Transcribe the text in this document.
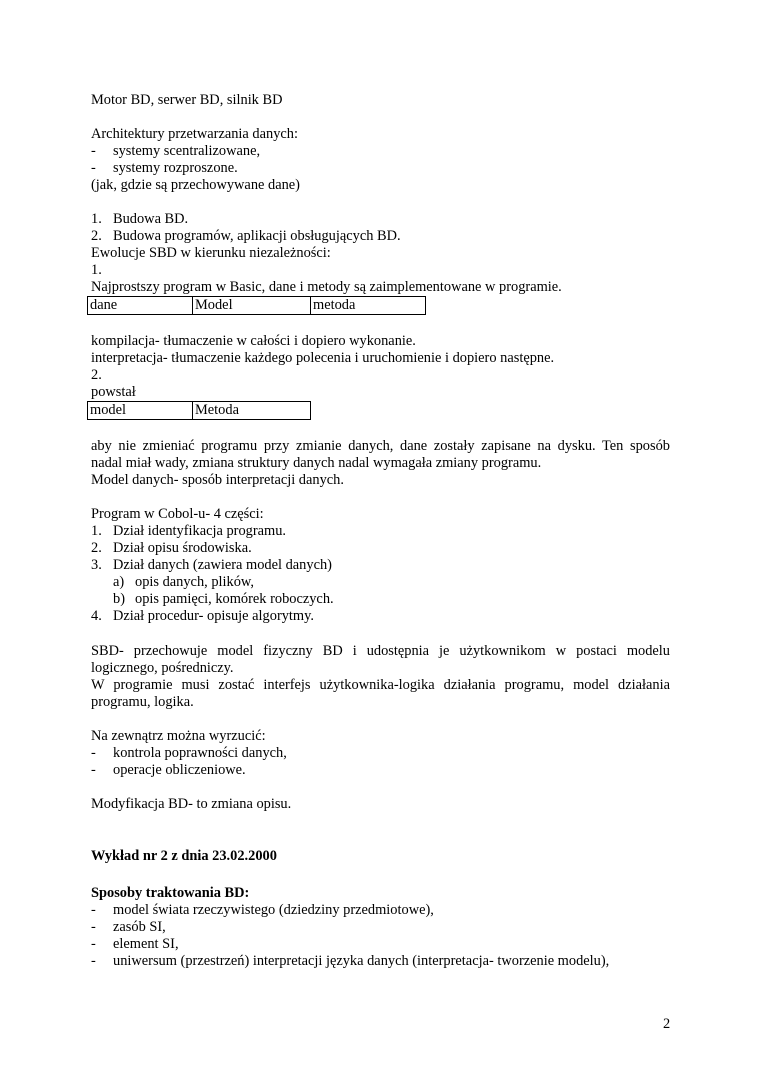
Motor BD, serwer BD, silnik BD
Architektury przetwarzania danych:
- systemy scentralizowane,
- systemy rozproszone.
(jak, gdzie są przechowywane dane)
1. Budowa BD.
2. Budowa programów, aplikacji obsługujących BD.
Ewolucje SBD w kierunku niezależności:
1.
Najprostszy program w Basic, dane i metody są zaimplementowane w programie.
dane	Model	metoda
kompilacja- tłumaczenie w całości i dopiero wykonanie.
interpretacja- tłumaczenie każdego polecenia i uruchomienie i dopiero następne.
2.
powstał
model	Metoda
aby nie zmieniać programu przy zmianie danych, dane zostały zapisane na dysku. Ten sposób
nadal miał wady, zmiana struktury danych nadal wymagała zmiany programu.
Model danych- sposób interpretacji danych.
Program w Cobol-u- 4 części:
1. Dział identyfikacja programu.
2. Dział opisu środowiska.
3. Dział danych (zawiera model danych)
a) opis danych, plików,
b) opis pamięci, komórek roboczych.
4. Dział procedur- opisuje algorytmy.
SBD- przechowuje model fizyczny BD i udostępnia je użytkownikom w postaci modelu
logicznego, pośredniczy.
W programie musi zostać interfejs użytkownika-logika działania programu, model działania
programu, logika.
Na zewnątrz można wyrzucić:
- kontrola poprawności danych,
- operacje obliczeniowe.
Modyfikacja BD- to zmiana opisu.
Wykład nr 2 z dnia 23.02.2000
Sposoby traktowania BD:
- model świata rzeczywistego (dziedziny przedmiotowe),
- zasób SI,
- element SI,
- uniwersum (przestrzeń) interpretacji języka danych (interpretacja- tworzenie modelu),
2
